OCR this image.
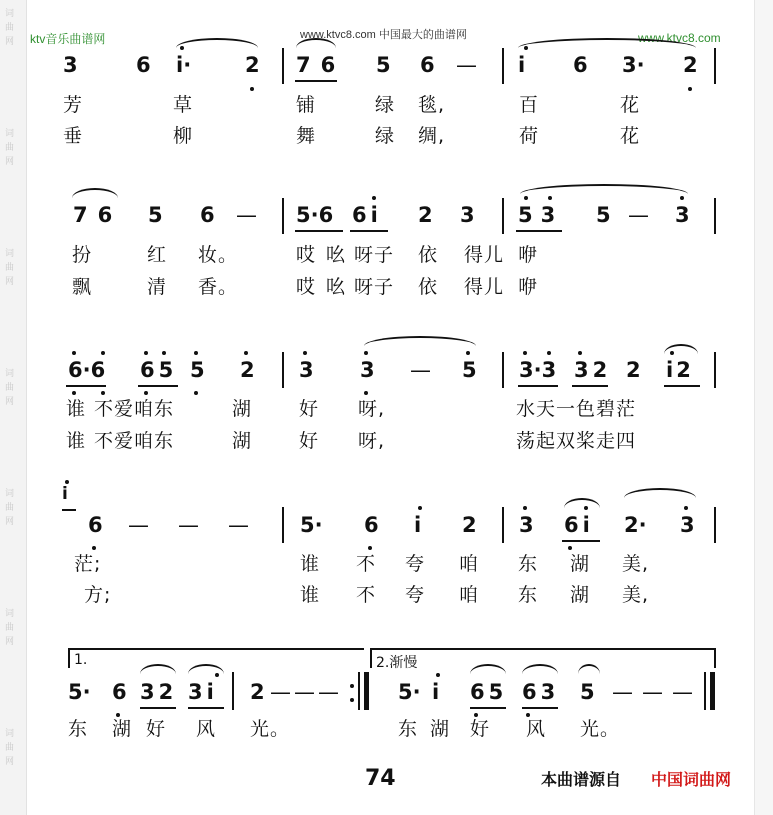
词
曲
网
词
曲
网
词
曲
网
词
曲
网
词
曲
网
词
曲
网
词
曲
网
ktv音乐曲谱网	www.ktvc8.com 中国最大的曲谱网	www.ktvc8.com
3	6 i·	2 76 5 6 — i 6 3· 2
芳	草	铺	绿 毯,	百	花
垂	柳	舞	绿 绸,	荷	花
76 5 6 — 5·6 6i 2 3 53 5 — 3
扮	红 妆。	哎 吆 呀子 依 得儿 咿
飘	清 香。	哎 吆 呀子 依 得儿 咿
6·6 65 5 2 3 3 — 5 3·3 32 2 i2
谁 不爱咱东	湖 好 呀,	水天一色碧茫
谁 不爱咱东	湖 好 呀,	荡起双桨走四
i
6 — — — 5· 6 i 2 3 6i 2· 3
茫;	谁 不 夸 咱 东 湖 美,
方;	谁 不 夸 咱 东 湖 美,
1.	2.渐慢
5· 6 32 3i 2 — — —	5· i 65 63 5 — — —
东 湖 好 风 光。	东 湖 好 风 光。
74	本曲谱源自 中国词曲网
